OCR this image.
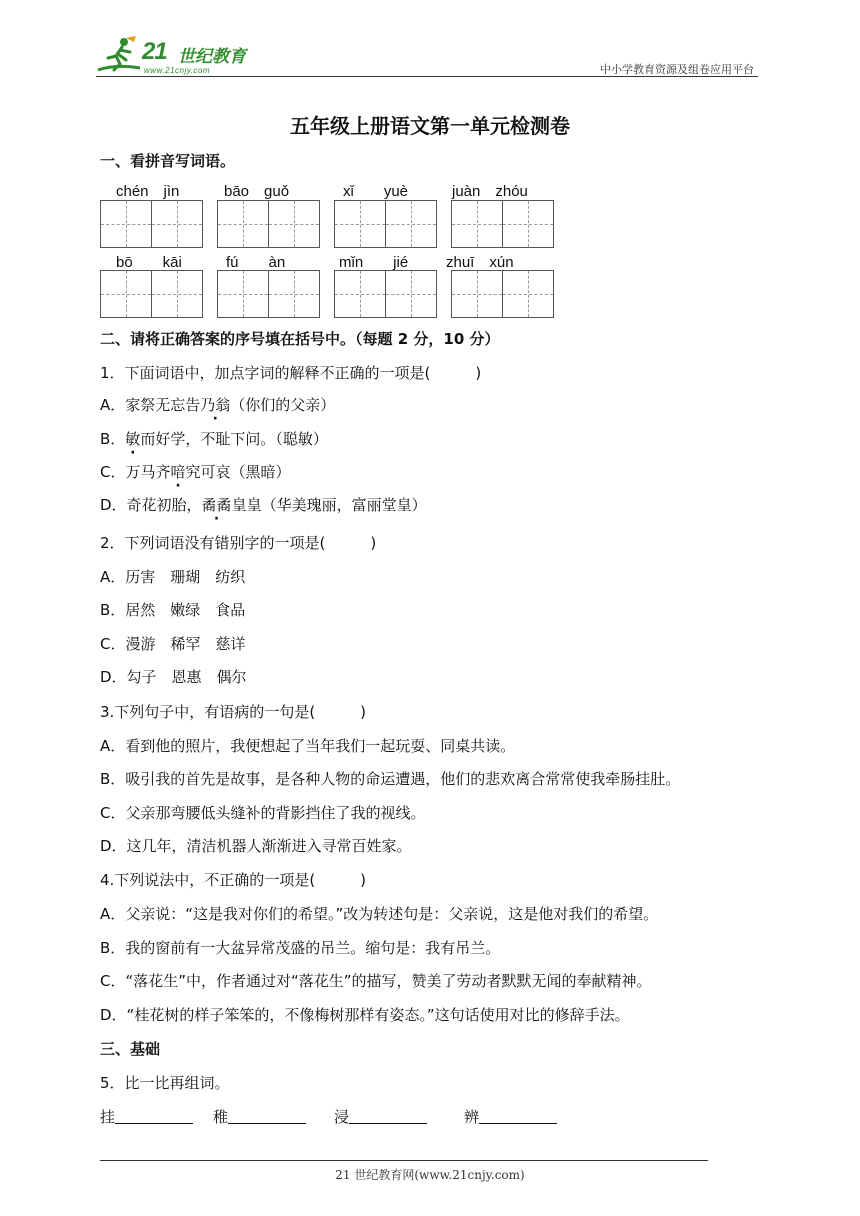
21 世纪教育
www.21cnjy.com	中小学教育资源及组卷应用平台
五年级上册语文第一单元检测卷
一、看拼音写词语。
chén　jìn	bāo　guǒ	xǐ　　yuè	juàn　zhóu
bō　　kāi	fú　　àn	mǐn　　jié	zhuī　xún
二、请将正确答案的序号填在括号中。（每题 2 分，10 分）
1．下面词语中，加点字词的解释不正确的一项是(　　　)
A．家祭无忘告乃翁（你们的父亲）
B．敏而好学，不耻下问。（聪敏）
C．万马齐喑究可哀（黑暗）
D．奇花初胎，矞矞皇皇（华美瑰丽，富丽堂皇）
2．下列词语没有错别字的一项是(　　　)
A．历害　珊瑚　纺织
B．居然　嫩绿　食品
C．漫游　稀罕　慈详
D．勾子　恩惠　偶尔
3.下列句子中，有语病的一句是(　　　)
A．看到他的照片，我便想起了当年我们一起玩耍、同桌共读。
B．吸引我的首先是故事，是各种人物的命运遭遇，他们的悲欢离合常常使我牵肠挂肚。
C．父亲那弯腰低头缝补的背影挡住了我的视线。
D．这几年，清洁机器人渐渐进入寻常百姓家。
4.下列说法中，不正确的一项是(　　　)
A．父亲说：“这是我对你们的希望。”改为转述句是：父亲说，这是他对我们的希望。
B．我的窗前有一大盆异常茂盛的吊兰。缩句是：我有吊兰。
C．“落花生”中，作者通过对“落花生”的描写，赞美了劳动者默默无闻的奉献精神。
D．“桂花树的样子笨笨的，不像梅树那样有姿态。”这句话使用对比的修辞手法。
三、基础
5．比一比再组词。
挂	稚	浸	辨
21 世纪教育网(www.21cnjy.com)
